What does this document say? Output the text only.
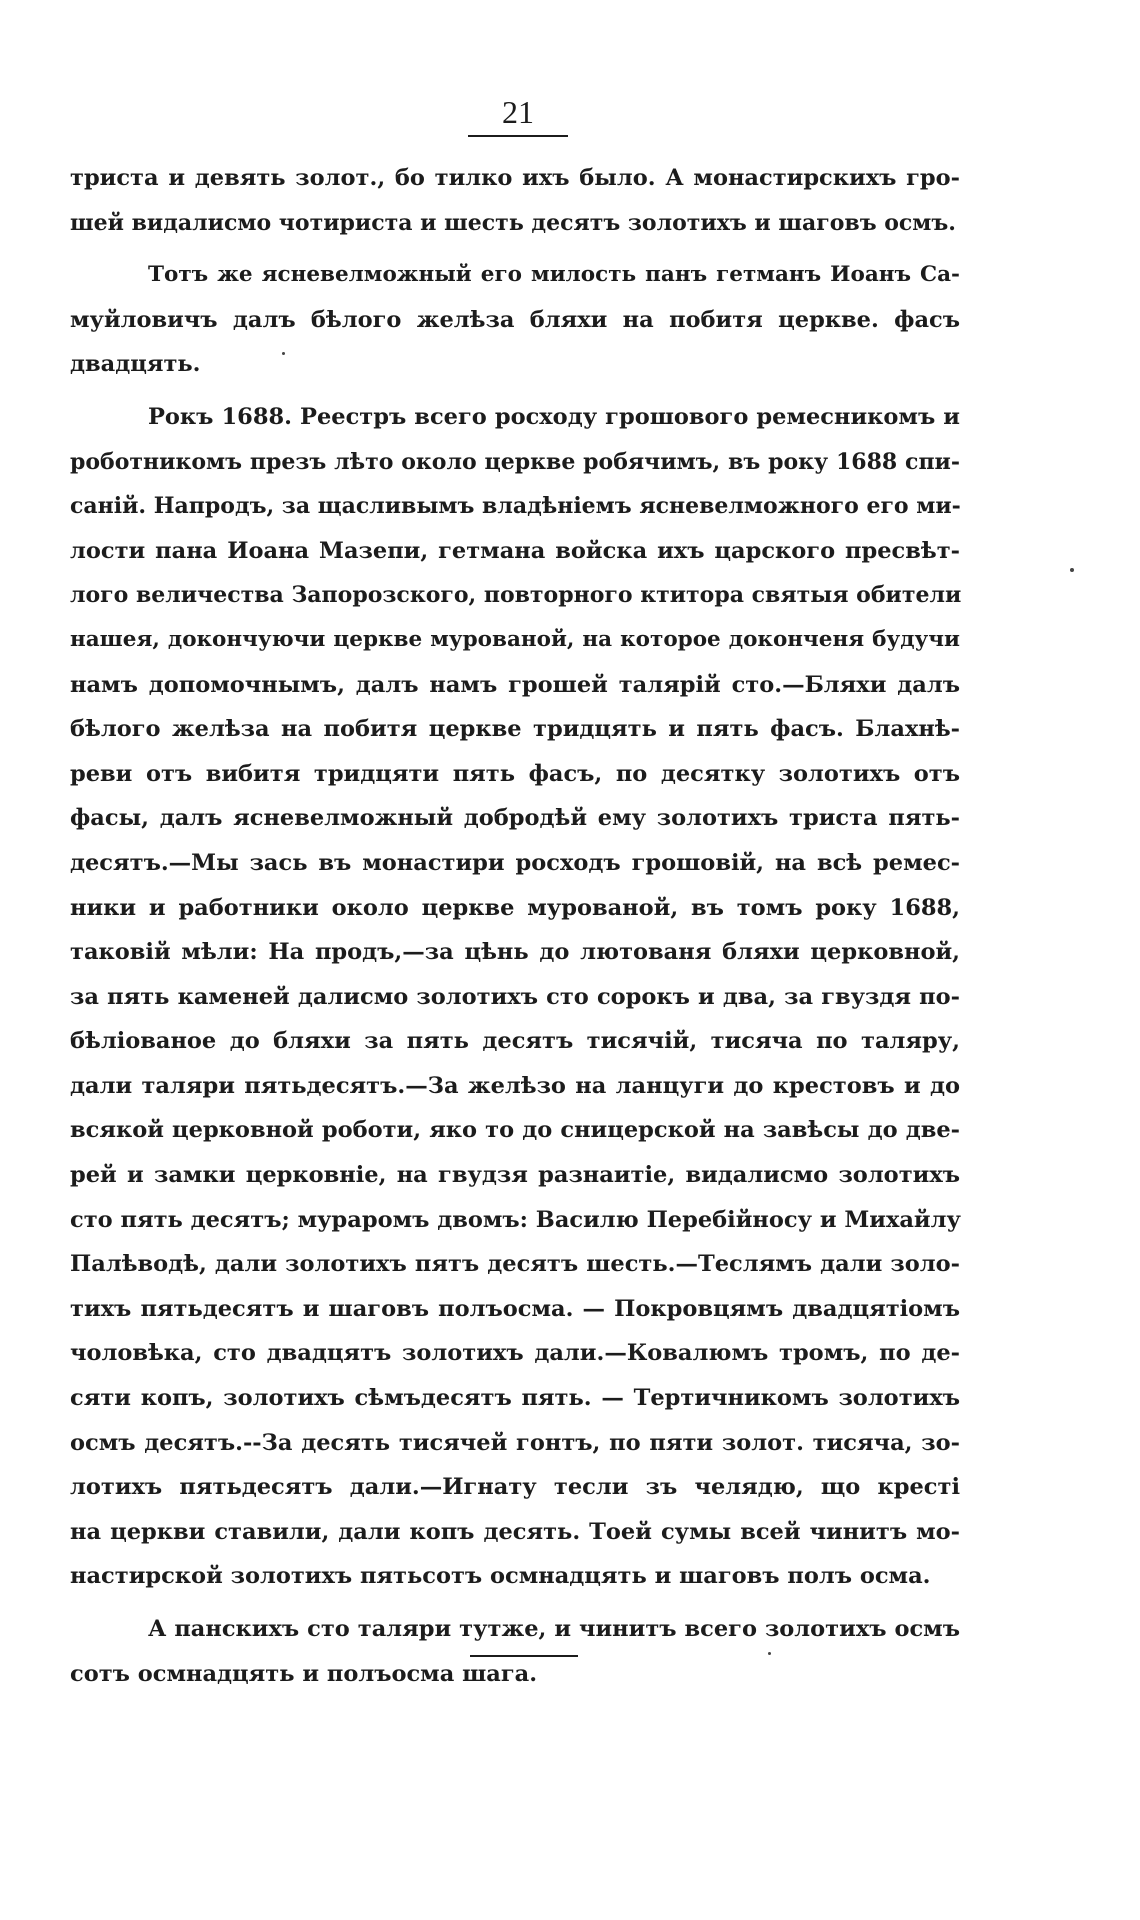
21
триста и девять золот., бо тилко ихъ было. А монастирскихъ гро-
шей видалисмо чотириста и шесть десятъ золотихъ и шаговъ осмъ.
Тотъ же ясневелможный его милость панъ гетманъ Иоанъ Са-
муйловичъ далъ бѣлого желѣза бляхи на побитя церкве. фасъ
двадцять.
Рокъ 1688. Реестръ всего росходу грошового ремесникомъ и
роботникомъ презъ лѣто около церкве робячимъ, въ року 1688 спи-
саній. Напродъ, за щасливымъ владѣніемъ ясневелможного его ми-
лости пана Иоана Мазепи, гетмана войска ихъ царского пресвѣт-
лого величества Запорозского, повторного ктитора святыя обители
нашея, докончуючи церкве мурованой, на которое доконченя будучи
намъ допомочнымъ, далъ намъ грошей талярій сто.—Бляхи далъ
бѣлого желѣза на побитя церкве тридцять и пять фасъ. Блахнѣ-
реви отъ вибитя тридцяти пять фасъ, по десятку золотихъ отъ
фасы, далъ ясневелможный добродѣй ему золотихъ триста пять-
десятъ.—Мы зась въ монастири росходъ грошовій, на всѣ ремес-
ники и работники около церкве мурованой, въ томъ року 1688,
таковій мѣли: На продъ,—за цѣнь до лютованя бляхи церковной,
за пять каменей далисмо золотихъ сто сорокъ и два, за гвуздя по-
бѣліованое до бляхи за пять десятъ тисячій, тисяча по таляру,
дали таляри пятьдесятъ.—За желѣзо на ланцуги до крестовъ и до
всякой церковной роботи, яко то до сницерской на завѣсы до две-
рей и замки церковніе, на гвудзя разнаитіе, видалисмо золотихъ
сто пять десятъ; мураромъ двомъ: Василю Перебійносу и Михайлу
Палѣводѣ, дали золотихъ пятъ десятъ шесть.—Теслямъ дали золо-
тихъ пятьдесятъ и шаговъ полъосма. — Покровцямъ двадцятіомъ
чоловѣка, сто двадцятъ золотихъ дали.—Ковалюмъ тромъ, по де-
сяти копъ, золотихъ сѣмъдесятъ пять. — Тертичникомъ золотихъ
осмъ десятъ.--За десять тисячей гонтъ, по пяти золот. тисяча, зо-
лотихъ пятьдесятъ дали.—Игнату тесли зъ челядю, що кресті
на церкви ставили, дали копъ десять. Тоей сумы всей чинитъ мо-
настирской золотихъ пятьсотъ осмнадцять и шаговъ полъ осма.
А панскихъ сто таляри тутже, и чинитъ всего золотихъ осмъ
сотъ осмнадцять и полъосма шага.
